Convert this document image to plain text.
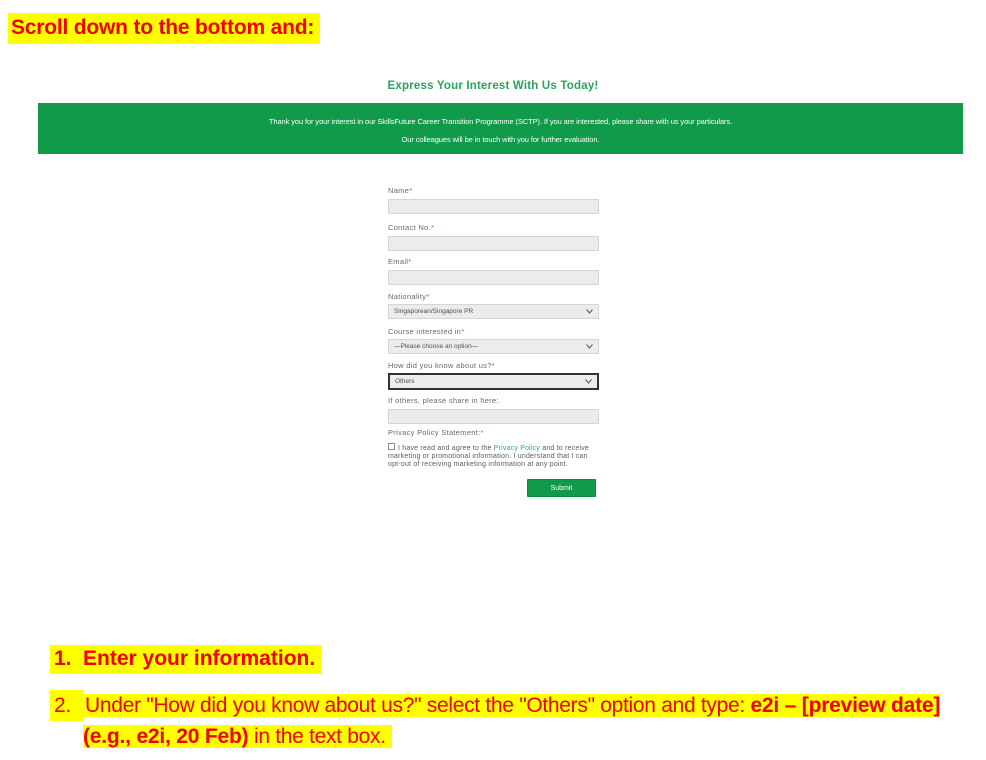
Scroll down to the bottom and:
Express Your Interest With Us Today!
Thank you for your interest in our SkillsFuture Career Transition Programme (SCTP). If you are interested, please share with us your particulars.
Our colleagues will be in touch with you for further evaluation.
Name*
Contact No.*
Email*
Nationality*
Singaporean/Singapore PR
Course interested in*
—Please choose an option—
How did you know about us?*
Others
If others, please share in here:
Privacy Policy Statement:*
I have read and agree to the Privacy Policy and to receive marketing or promotional information. I understand that I can opt-out of receiving marketing information at any point.
Submit
1. Enter your information.
2. Under "How did you know about us?" select the "Others" option and type: e2i – [preview date] (e.g., e2i, 20 Feb) in the text box.
